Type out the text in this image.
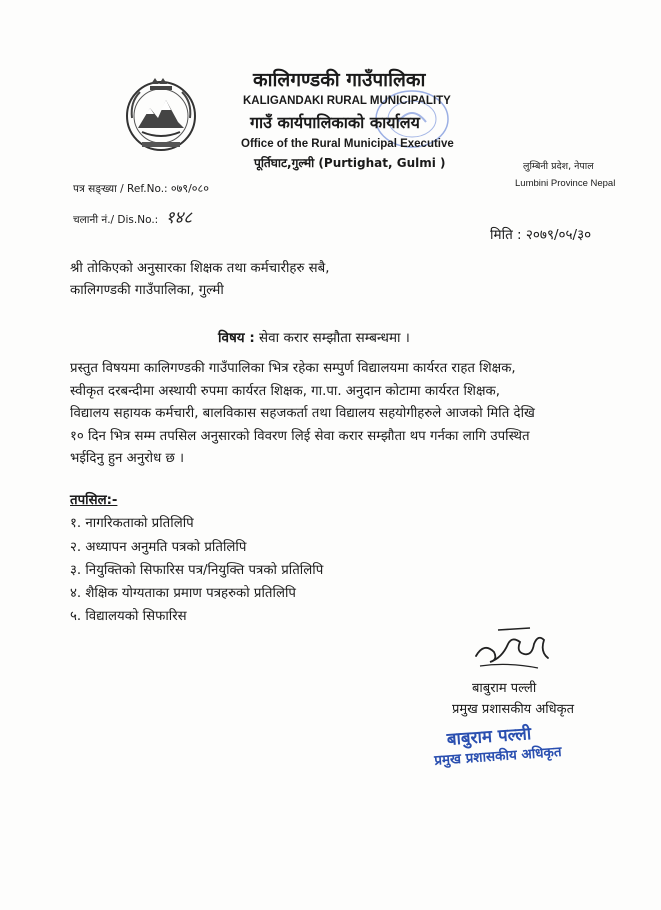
कालिगण्डकी गाउँपालिका
KALIGANDAKI RURAL MUNICIPALITY
गाउँ कार्यपालिकाको कार्यालय
Office of the Rural Municipal Executive
पूर्तिघाट,गुल्मी (Purtighat, Gulmi )	लुम्बिनी प्रदेश, नेपाल
Lumbini Province Nepal
पत्र सङ्ख्या / Ref.No.: ०७९/०८०
चलानी नं./ Dis.No.: १४८
मिति : २०७९/०५/३०
श्री तोकिएको अनुसारका शिक्षक तथा कर्मचारीहरु सबै,
कालिगण्डकी गाउँपालिका, गुल्मी
विषय : सेवा करार सम्झौता सम्बन्धमा ।
प्रस्तुत विषयमा कालिगण्डकी गाउँपालिका भित्र रहेका सम्पुर्ण विद्यालयमा कार्यरत राहत शिक्षक,
स्वीकृत दरबन्दीमा अस्थायी रुपमा कार्यरत शिक्षक, गा.पा. अनुदान कोटामा कार्यरत शिक्षक,
विद्यालय सहायक कर्मचारी, बालविकास सहजकर्ता तथा विद्यालय सहयोगीहरुले आजको मिति देखि
१० दिन भित्र सम्म तपसिल अनुसारको विवरण लिई सेवा करार सम्झौता थप गर्नका लागि उपस्थित
भईदिनु हुन अनुरोध छ ।
तपसिल:-
१. नागरिकताको प्रतिलिपि
२. अध्यापन अनुमति पत्रको प्रतिलिपि
३. नियुक्तिको सिफारिस पत्र/नियुक्ति पत्रको प्रतिलिपि
४. शैक्षिक योग्यताका प्रमाण पत्रहरुको प्रतिलिपि
५. विद्यालयको सिफारिस
बाबुराम पल्ली
प्रमुख प्रशासकीय अधिकृत
बाबुराम पल्ली
प्रमुख प्रशासकीय अधिकृत
